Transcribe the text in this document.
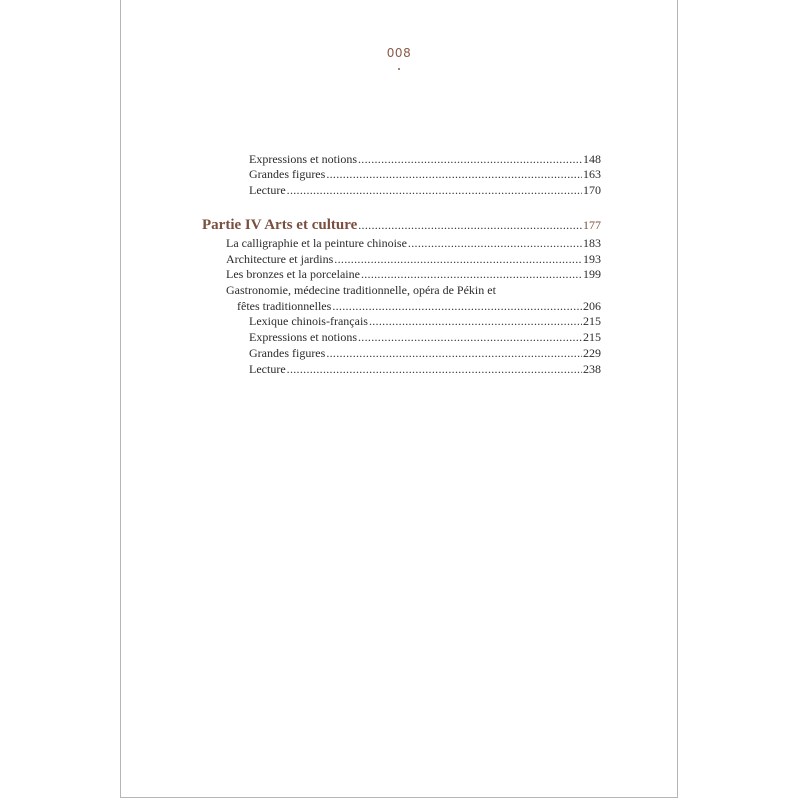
008
Expressions et notions .....	148
Grandes figures .....	163
Lecture .....	170
Partie IV Arts et culture .....	177
La calligraphie et la peinture chinoise .....	183
Architecture et jardins .....	193
Les bronzes et la porcelaine .....	199
Gastronomie, médecine traditionnelle, opéra de Pékin et
fêtes traditionnelles .....	206
Lexique chinois-français .....	215
Expressions et notions .....	215
Grandes figures .....	229
Lecture .....	238
